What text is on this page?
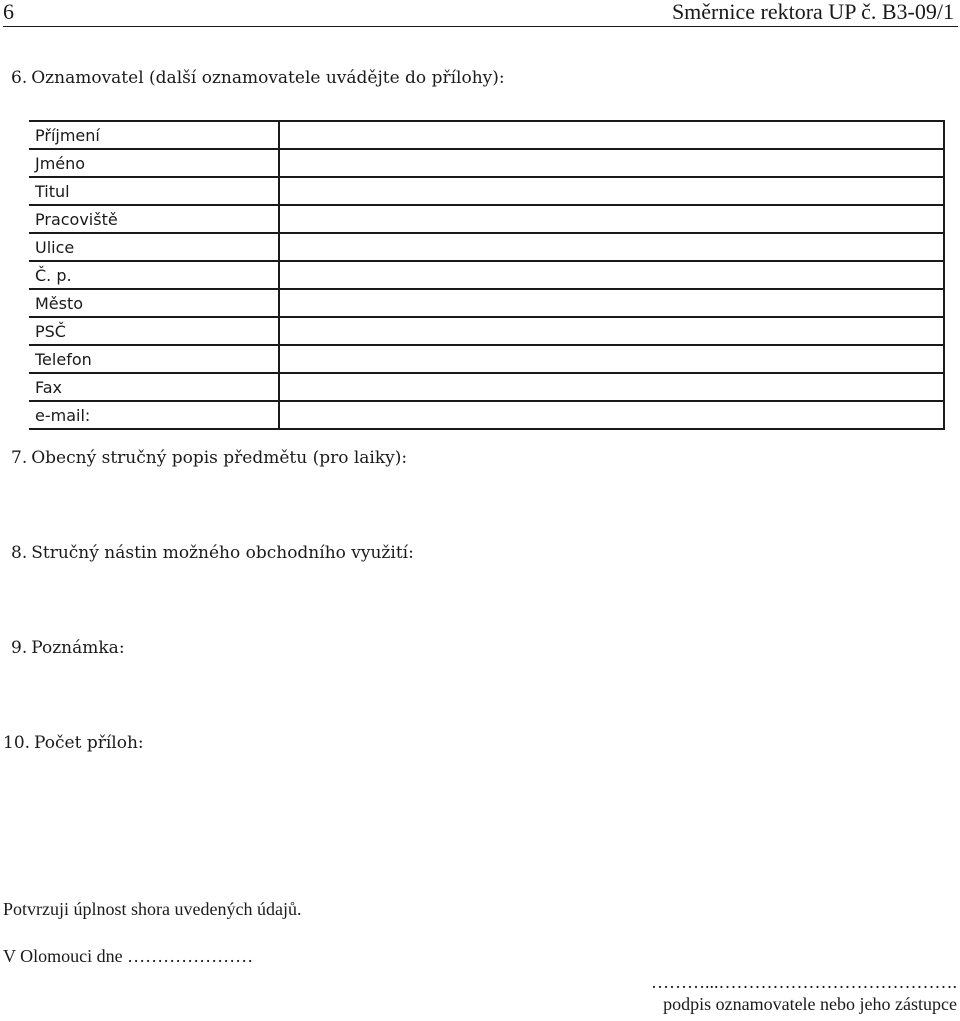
6	Směrnice rektora UP č. B3-09/1
6. Oznamovatel (další oznamovatele uvádějte do přílohy):
Příjmení	
Jméno	
Titul	
Pracoviště	
Ulice	
Č. p.	
Město	
PSČ	
Telefon	
Fax	
e-mail:	
7. Obecný stručný popis předmětu (pro laiky):
8. Stručný nástin možného obchodního využití:
9. Poznámka:
10. Počet příloh:
Potvrzuji úplnost shora uvedených údajů.
V Olomouci dne …………………
………...………………………………….
podpis oznamovatele nebo jeho zástupce
